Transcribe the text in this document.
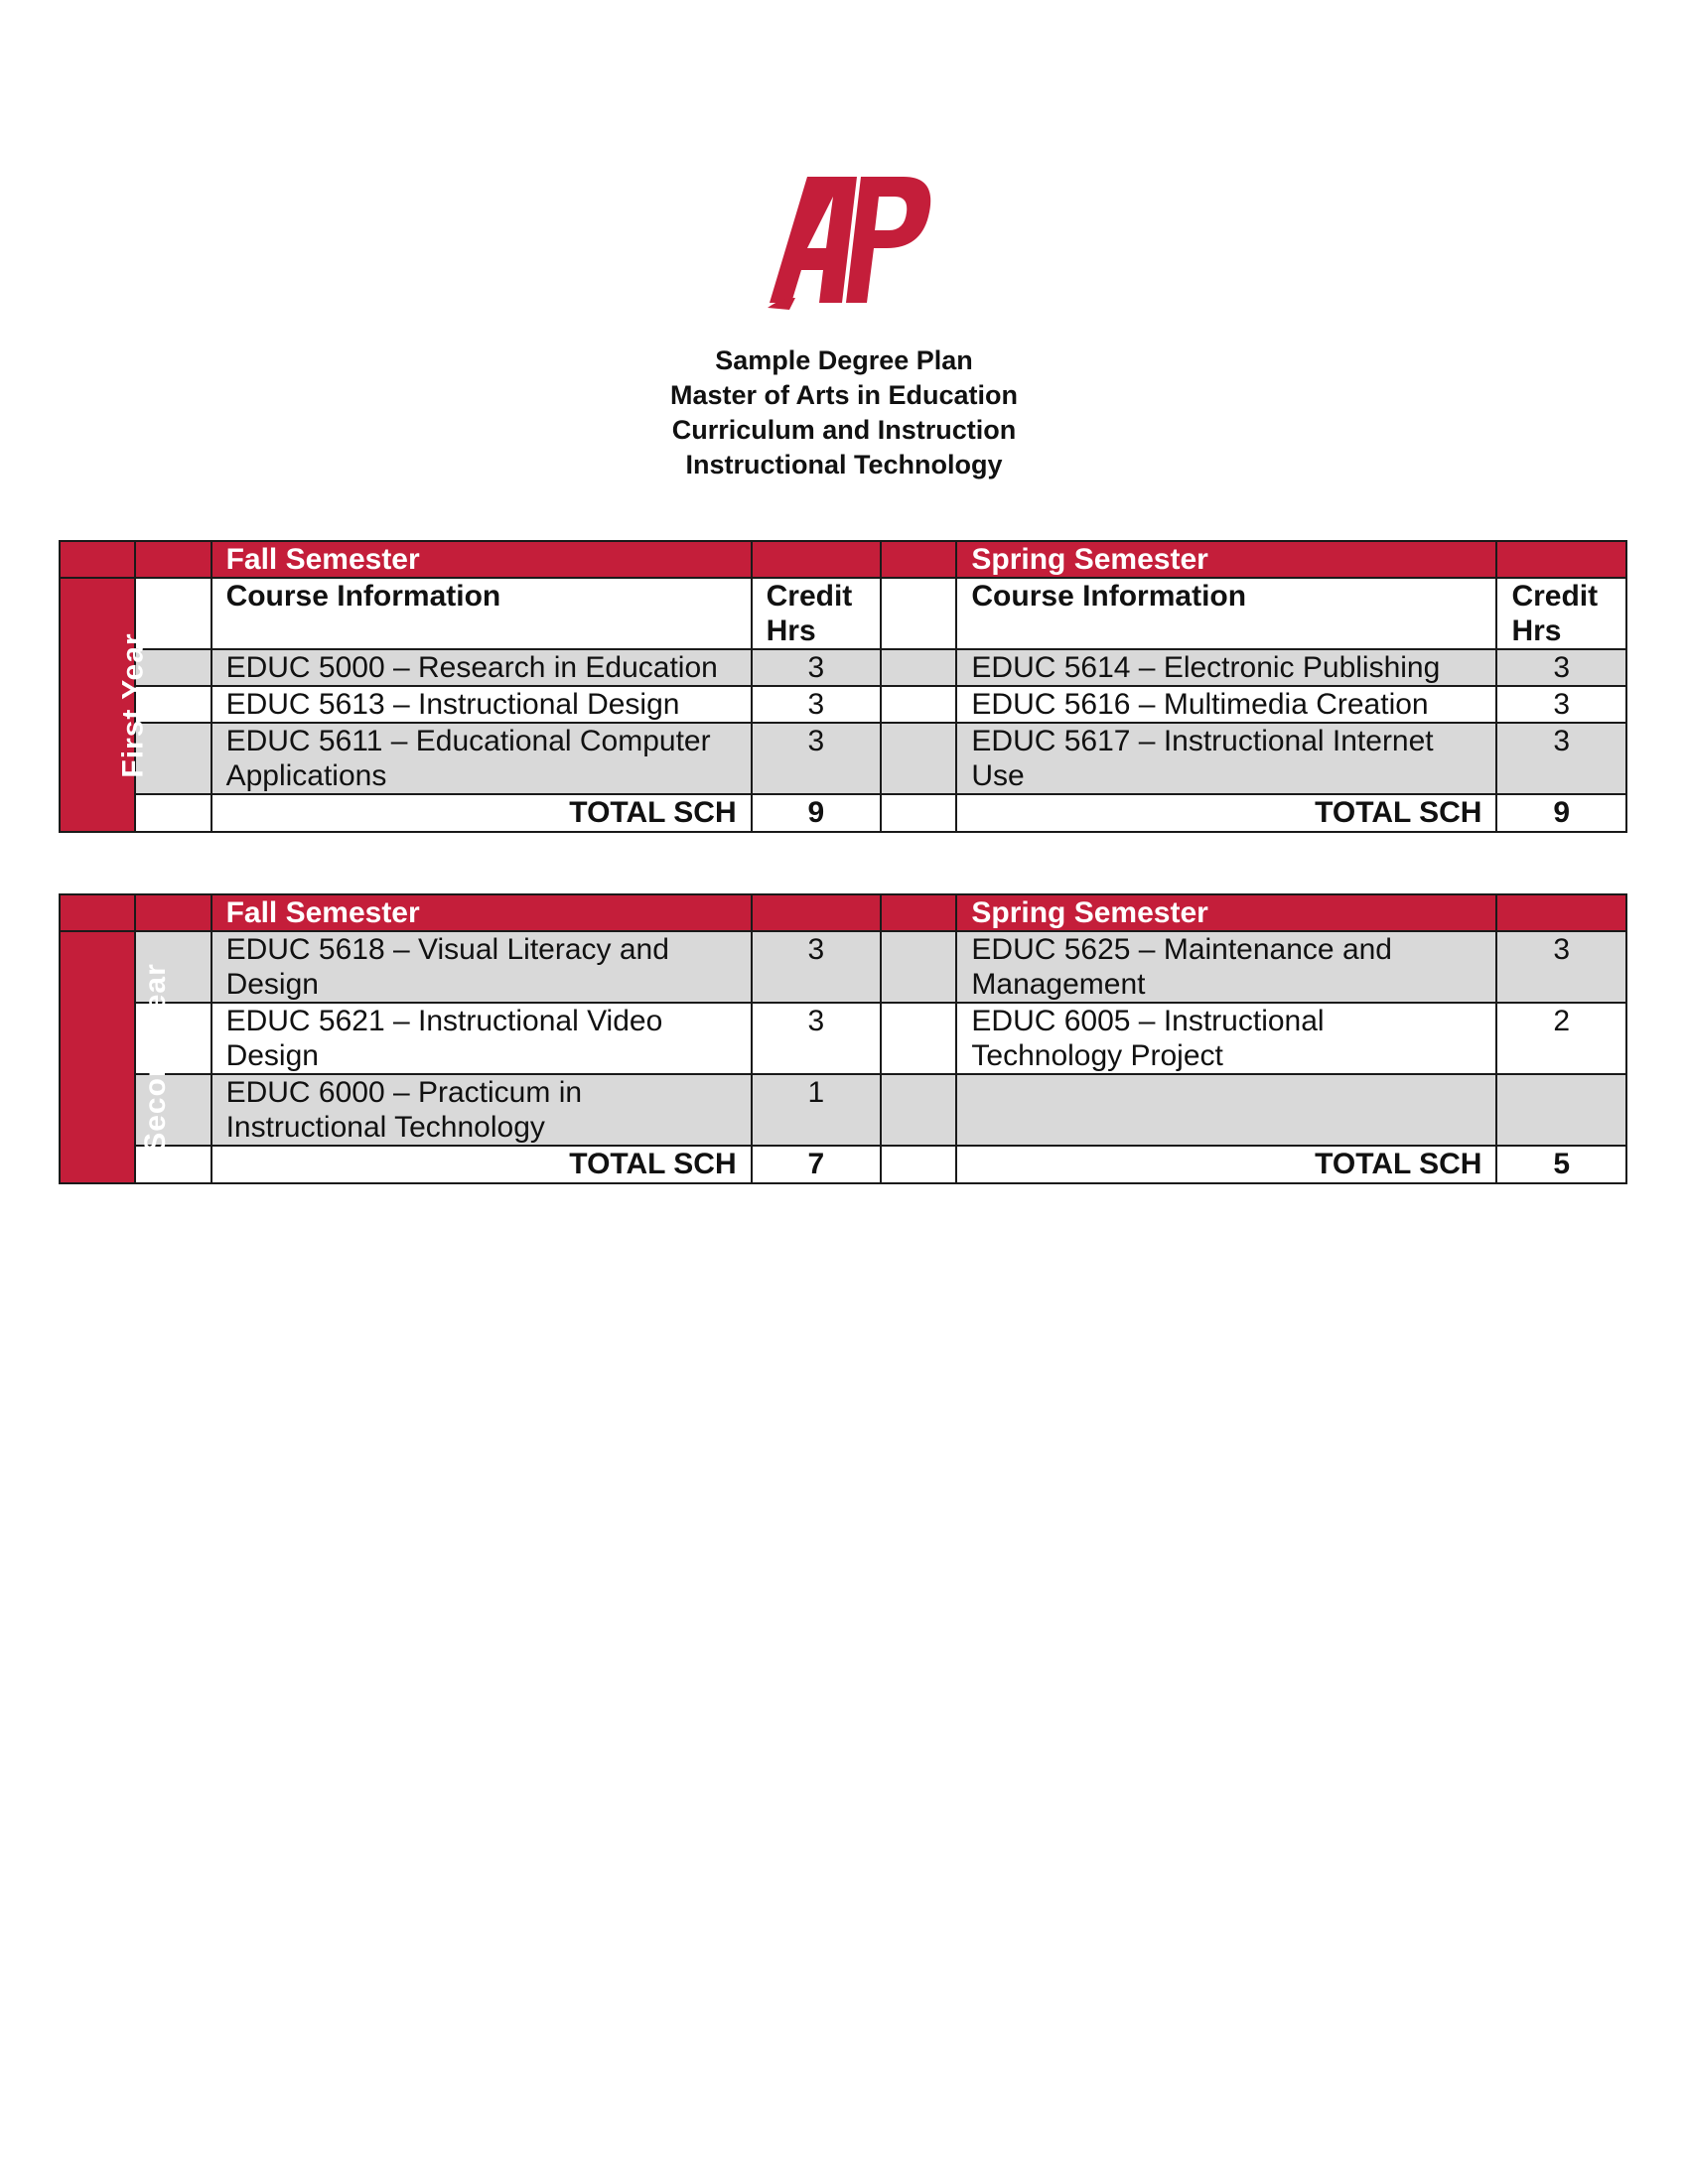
Sample Degree Plan
Master of Arts in Education
Curriculum and Instruction
Instructional Technology
		Fall Semester			Spring Semester	
First Year		Course Information	Credit Hrs		Course Information	Credit Hrs
		EDUC 5000 – Research in Education	3		EDUC 5614 – Electronic Publishing	3
		EDUC 5613 – Instructional Design	3		EDUC 5616 – Multimedia Creation	3
		EDUC 5611 – Educational Computer Applications	3		EDUC 5617 – Instructional Internet Use	3
		TOTAL SCH	9		TOTAL SCH	9
		Fall Semester			Spring Semester	
Second Year		EDUC 5618 – Visual Literacy and Design	3		EDUC 5625 – Maintenance and Management	3
		EDUC 5621 – Instructional Video Design	3		EDUC 6005 – Instructional Technology Project	2
		EDUC 6000 – Practicum in Instructional Technology	1			
		TOTAL SCH	7		TOTAL SCH	5
